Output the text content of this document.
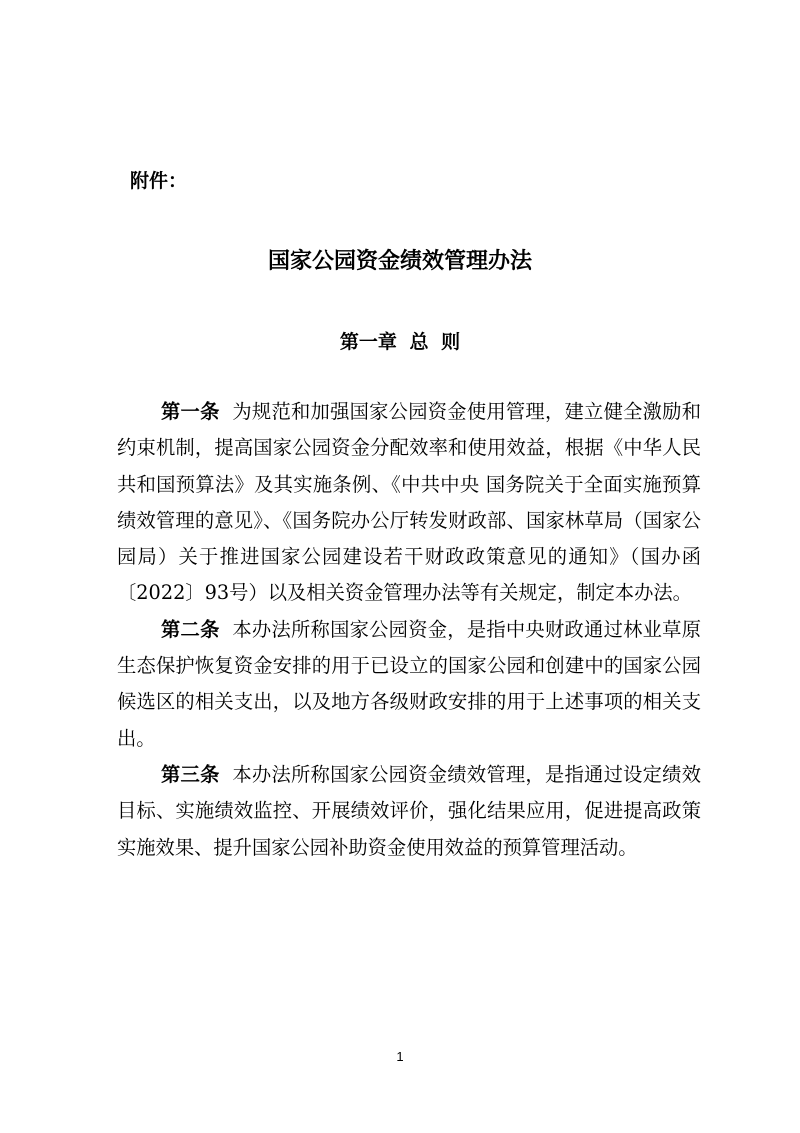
附件：
国家公园资金绩效管理办法
第一章 总 则

第一条 为规范和加强国家公园资金使用管理，建立健全激励和约束机制，提高国家公园资金分配效率和使用效益，根据《中华人民共和国预算法》及其实施条例、《中共中央 国务院关于全面实施预算绩效管理的意见》、《国务院办公厅转发财政部、国家林草局（国家公园局）关于推进国家公园建设若干财政政策意见的通知》（国办函〔2022〕93号）以及相关资金管理办法等有关规定，制定本办法。

第二条 本办法所称国家公园资金，是指中央财政通过林业草原生态保护恢复资金安排的用于已设立的国家公园和创建中的国家公园候选区的相关支出，以及地方各级财政安排的用于上述事项的相关支出。

第三条 本办法所称国家公园资金绩效管理，是指通过设定绩效目标、实施绩效监控、开展绩效评价，强化结果应用，促进提高政策实施效果、提升国家公园补助资金使用效益的预算管理活动。

1
